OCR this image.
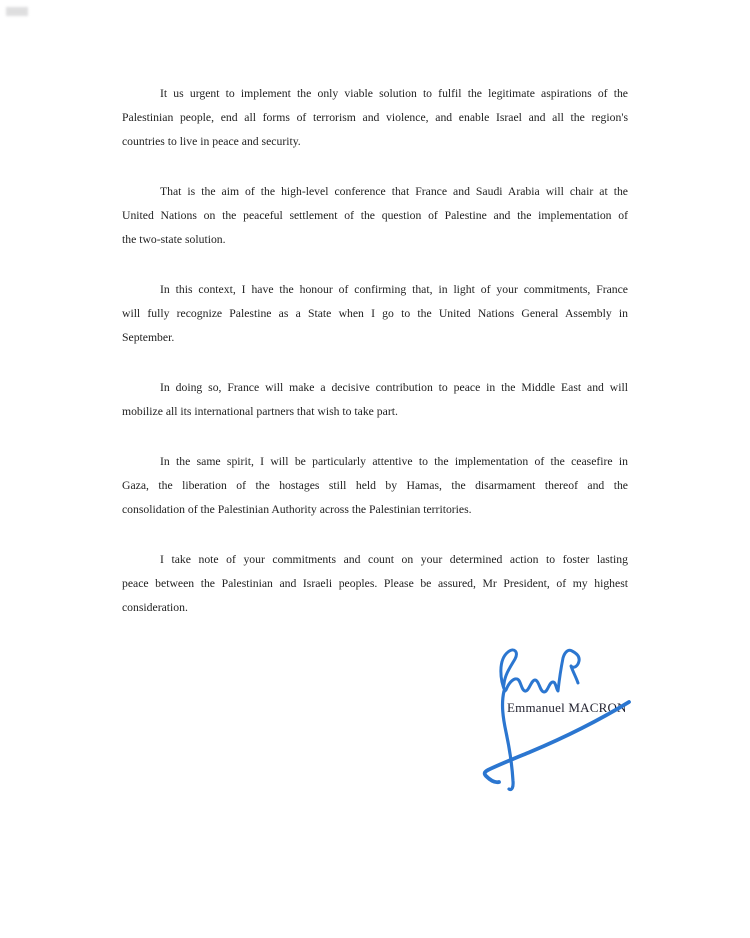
It us urgent to implement the only viable solution to fulfil the legitimate aspirations of the
Palestinian people, end all forms of terrorism and violence, and enable Israel and all the region's
countries to live in peace and security.
That is the aim of the high-level conference that France and Saudi Arabia will chair at the
United Nations on the peaceful settlement of the question of Palestine and the implementation of
the two-state solution.
In this context, I have the honour of confirming that, in light of your commitments, France
will fully recognize Palestine as a State when I go to the United Nations General Assembly in
September.
In doing so, France will make a decisive contribution to peace in the Middle East and will
mobilize all its international partners that wish to take part.
In the same spirit, I will be particularly attentive to the implementation of the ceasefire in
Gaza, the liberation of the hostages still held by Hamas, the disarmament thereof and the
consolidation of the Palestinian Authority across the Palestinian territories.
I take note of your commitments and count on your determined action to foster lasting
peace between the Palestinian and Israeli peoples. Please be assured, Mr President, of my highest
consideration.
Emmanuel MACRON
